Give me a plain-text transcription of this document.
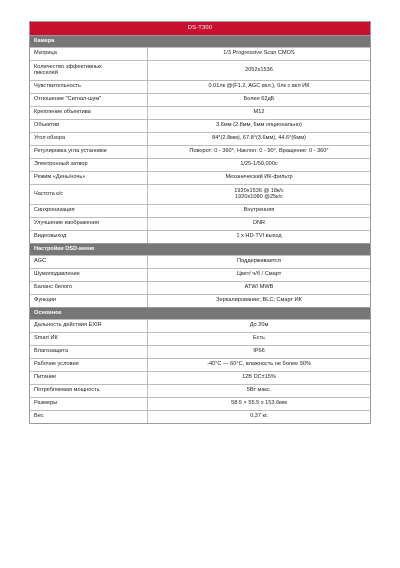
DS-T300
Камера
Матрица	1/3 Progressive Scan CMOS
Количество эффективных
пикселей	2052x1536
Чувствительность	0.01лк @(F1.2, AGC вкл.), 0лк с вкл ИК
Отношение "Сигнал-шум"	Более 62дБ
Крепление объектива	M12
Объектив	3.6мм (2.8мм, 6мм опционально)
Угол обзора	84°(2.8мм), 67.8°(3.6мм), 44.6°(6мм)
Регулировка угла установки	Поворот: 0 - 360°, Наклон: 0 - 90°, Вращение: 0 - 360°
Электронный затвор	1/25-1/50,000с
Режим «День/ночь»	Механический ИК-фильтр
Частота к/с	1920x1536 @ 18к/с
1920x1080 @25к/с
Синхронизация	Внутренняя
Улучшение изображения	DNR
Видеовыход	1 x HD-TVI выход
Настройки OSD-меню
AGC	Поддерживается
Шумоподавление	Цвет/ ч/б / Смарт
Баланс белого	ATW/ MWB
Функции	Зеркалирование; BLC; Смарт ИК
Основное
Дальность действия EXIR	До 20м
Smart ИК	Есть
Влагозащита	IP66
Рабочие условия	-40°C — 60°C, влажность не более 90%
Питание	12В DC±15%
Потребляемая мощность	5Вт макс.
Размеры	58.5 × 55.5 x 153.6мм
Вес	0,37 кг.
